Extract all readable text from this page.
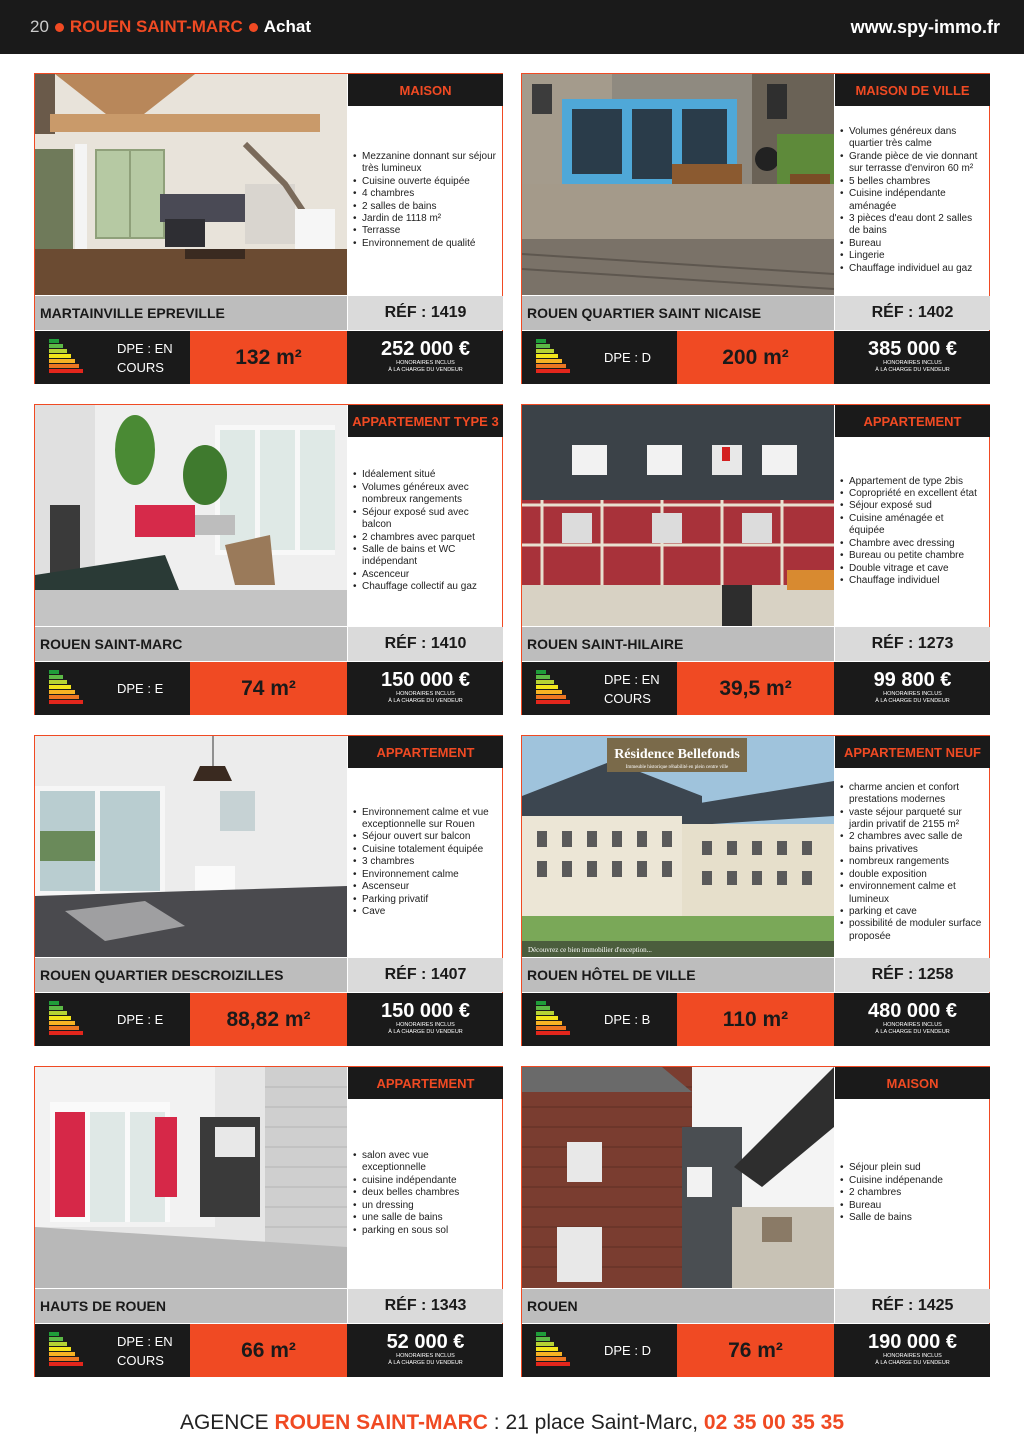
20 ROUEN SAINT-MARC Achat	www.spy-immo.fr
MAISON
• Mezzanine donnant sur séjour
très lumineux
• Cuisine ouverte équipée
• 4 chambres
• 2 salles de bains
• Jardin de 1118 m²
• Terrasse
• Environnement de qualité
MARTAINVILLE EPREVILLE	RÉF : 1419
DPE : EN
COURS	132 m²	252 000 €
HONORAIRES INCLUS
À LA CHARGE DU VENDEUR
MAISON DE VILLE
• Volumes généreux dans
quartier très calme
• Grande pièce de vie donnant
sur terrasse d'environ 60 m²
• 5 belles chambres
• Cuisine indépendante
aménagée
• 3 pièces d'eau dont 2 salles
de bains
• Bureau
• Lingerie
• Chauffage individuel au gaz
ROUEN QUARTIER SAINT NICAISE	RÉF : 1402
DPE : D	200 m²	385 000 €
HONORAIRES INCLUS
À LA CHARGE DU VENDEUR
APPARTEMENT TYPE 3
• Idéalement situé
• Volumes généreux avec
nombreux rangements
• Séjour exposé sud avec
balcon
• 2 chambres avec parquet
• Salle de bains et WC
indépendant
• Ascenceur
• Chauffage collectif au gaz
ROUEN SAINT-MARC	RÉF : 1410
DPE : E	74 m²	150 000 €
HONORAIRES INCLUS
À LA CHARGE DU VENDEUR
APPARTEMENT
• Appartement de type 2bis
• Copropriété en excellent état
• Séjour exposé sud
• Cuisine aménagée et
équipée
• Chambre avec dressing
• Bureau ou petite chambre
• Double vitrage et cave
• Chauffage individuel
ROUEN SAINT-HILAIRE	RÉF : 1273
DPE : EN
COURS	39,5 m²	99 800 €
HONORAIRES INCLUS
À LA CHARGE DU VENDEUR
APPARTEMENT
• Environnement calme et vue
exceptionnelle sur Rouen
• Séjour ouvert sur balcon
• Cuisine totalement équipée
• 3 chambres
• Environnement calme
• Ascenseur
• Parking privatif
• Cave
ROUEN QUARTIER DESCROIZILLES	RÉF : 1407
DPE : E	88,82 m²	150 000 €
HONORAIRES INCLUS
À LA CHARGE DU VENDEUR
Résidence Bellefonds
Immeuble historique réhabilité en plein centre ville
Découvrez ce bien immobilier d'exception...
APPARTEMENT NEUF
• charme ancien et confort
prestations modernes
• vaste séjour parqueté sur
jardin privatif de 2155 m²
• 2 chambres avec salle de
bains privatives
• nombreux rangements
• double exposition
• environnement calme et
lumineux
• parking et cave
• possibilité de moduler surface
proposée
ROUEN HÔTEL DE VILLE	RÉF : 1258
DPE : B	110 m²	480 000 €
HONORAIRES INCLUS
À LA CHARGE DU VENDEUR
APPARTEMENT
• salon avec vue
exceptionnelle
• cuisine indépendante
• deux belles chambres
• un dressing
• une salle de bains
• parking en sous sol
HAUTS DE ROUEN	RÉF : 1343
DPE : EN
COURS	66 m²	52 000 €
HONORAIRES INCLUS
À LA CHARGE DU VENDEUR
MAISON
• Séjour plein sud
• Cuisine indépenande
• 2 chambres
• Bureau
• Salle de bains
ROUEN	RÉF : 1425
DPE : D	76 m²	190 000 €
HONORAIRES INCLUS
À LA CHARGE DU VENDEUR
AGENCE ROUEN SAINT-MARC : 21 place Saint-Marc, 02 35 00 35 35
